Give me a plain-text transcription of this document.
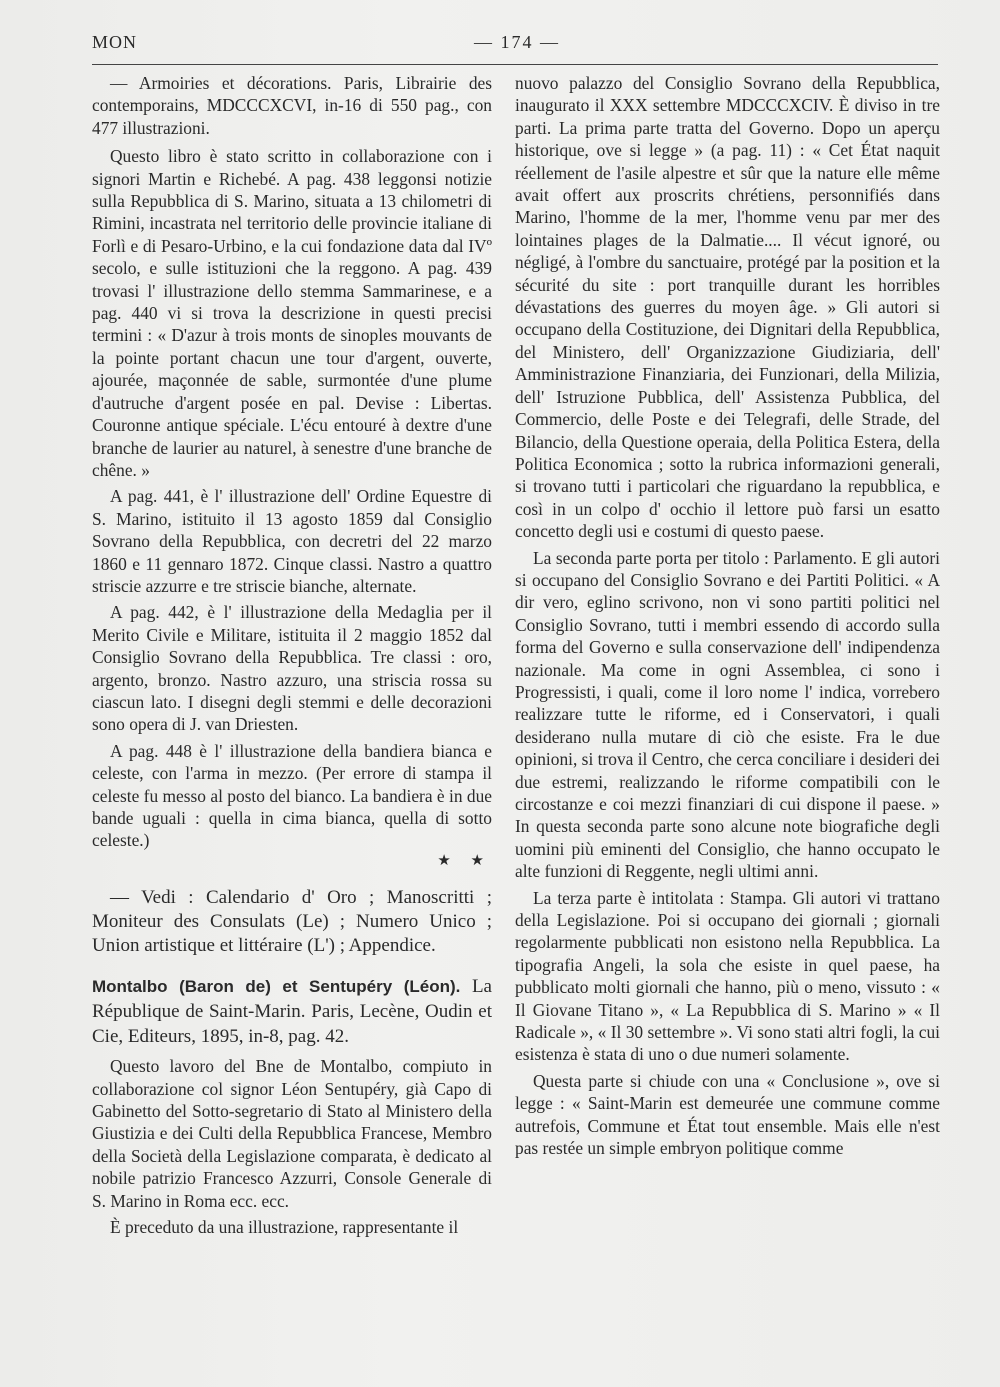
MON	— 174 —

— Armoiries et décorations. Paris, Librairie des contemporains, MDCCCXCVI, in-16 di 550 pag., con 477 illustrazioni.

Questo libro è stato scritto in collaborazione con i signori Martin e Richebé. A pag. 438 leggonsi notizie sulla Repubblica di S. Marino, situata a 13 chilometri di Rimini, incastrata nel territorio delle provincie italiane di Forlì e di Pesaro-Urbino, e la cui fondazione data dal IVº secolo, e sulle istituzioni che la reggono. A pag. 439 trovasi l' illustrazione dello stemma Sammarinese, e a pag. 440 vi si trova la descrizione in questi precisi termini : « D'azur à trois monts de sinoples mouvants de la pointe portant chacun une tour d'argent, ouverte, ajourée, maçonnée de sable, surmontée d'une plume d'autruche d'argent posée en pal. Devise : Libertas. Couronne antique spéciale. L'écu entouré à dextre d'une branche de laurier au naturel, à senestre d'une branche de chêne. »

A pag. 441, è l' illustrazione dell' Ordine Equestre di S. Marino, istituito il 13 agosto 1859 dal Consiglio Sovrano della Repubblica, con decretri del 22 marzo 1860 e 11 gennaro 1872. Cinque classi. Nastro a quattro striscie azzurre e tre striscie bianche, alternate.

A pag. 442, è l' illustrazione della Medaglia per il Merito Civile e Militare, istituita il 2 maggio 1852 dal Consiglio Sovrano della Repubblica. Tre classi : oro, argento, bronzo. Nastro azzuro, una striscia rossa su ciascun lato. I disegni degli stemmi e delle decorazioni sono opera di J. van Driesten.

A pag. 448 è l' illustrazione della bandiera bianca e celeste, con l'arma in mezzo. (Per errore di stampa il celeste fu messo al posto del bianco. La bandiera è in due bande uguali : quella in cima bianca, quella di sotto celeste.)

★ ★

— Vedi : Calendario d' Oro ; Manoscritti ; Moniteur des Consulats (Le) ; Numero Unico ; Union artistique et littéraire (L') ; Appendice.

Montalbo (Baron de) et Sentupéry (Léon). La République de Saint-Marin. Paris, Lecène, Oudin et Cie, Editeurs, 1895, in-8, pag. 42.

Questo lavoro del Bne de Montalbo, compiuto in collaborazione col signor Léon Sentupéry, già Capo di Gabinetto del Sotto-segretario di Stato al Ministero della Giustizia e dei Culti della Repubblica Francese, Membro della Società della Legislazione comparata, è dedicato al nobile patrizio Francesco Azzurri, Console Generale di S. Marino in Roma ecc. ecc.

È preceduto da una illustrazione, rappresentante il

nuovo palazzo del Consiglio Sovrano della Repubblica, inaugurato il XXX settembre MDCCCXCIV. È diviso in tre parti. La prima parte tratta del Governo. Dopo un aperçu historique, ove si legge » (a pag. 11) : « Cet État naquit réellement de l'asile alpestre et sûr que la nature elle même avait offert aux proscrits chrétiens, personnifiés dans Marino, l'homme de la mer, l'homme venu par mer des lointaines plages de la Dalmatie.... Il vécut ignoré, ou négligé, à l'ombre du sanctuaire, protégé par la position et la sécurité du site : port tranquille durant les horribles dévastations des guerres du moyen âge. » Gli autori si occupano della Costituzione, dei Dignitari della Repubblica, del Ministero, dell' Organizzazione Giudiziaria, dell' Amministrazione Finanziaria, dei Funzionari, della Milizia, dell' Istruzione Pubblica, dell' Assistenza Pubblica, del Commercio, delle Poste e dei Telegrafi, delle Strade, del Bilancio, della Questione operaia, della Politica Estera, della Politica Economica ; sotto la rubrica informazioni generali, si trovano tutti i particolari che riguardano la repubblica, e così in un colpo d' occhio il lettore può farsi un esatto concetto degli usi e costumi di questo paese.

La seconda parte porta per titolo : Parlamento. E gli autori si occupano del Consiglio Sovrano e dei Partiti Politici. « A dir vero, eglino scrivono, non vi sono partiti politici nel Consiglio Sovrano, tutti i membri essendo di accordo sulla forma del Governo e sulla conservazione dell' indipendenza nazionale. Ma come in ogni Assemblea, ci sono i Progressisti, i quali, come il loro nome l' indica, vorrebero realizzare tutte le riforme, ed i Conservatori, i quali desiderano nulla mutare di ciò che esiste. Fra le due opinioni, si trova il Centro, che cerca conciliare i desideri dei due estremi, realizzando le riforme compatibili con le circostanze e coi mezzi finanziari di cui dispone il paese. » In questa seconda parte sono alcune note biografiche degli uomini più eminenti del Consiglio, che hanno occupato le alte funzioni di Reggente, negli ultimi anni.

La terza parte è intitolata : Stampa. Gli autori vi trattano della Legislazione. Poi si occupano dei giornali ; giornali regolarmente pubblicati non esistono nella Repubblica. La tipografia Angeli, la sola che esiste in quel paese, ha pubblicato molti giornali che hanno, più o meno, vissuto : « Il Giovane Titano », « La Repubblica di S. Marino » « Il Radicale », « Il 30 settembre ». Vi sono stati altri fogli, la cui esistenza è stata di uno o due numeri solamente.

Questa parte si chiude con una « Conclusione », ove si legge : « Saint-Marin est demeurée une commune comme autrefois, Commune et État tout ensemble. Mais elle n'est pas restée un simple embryon politique comme
